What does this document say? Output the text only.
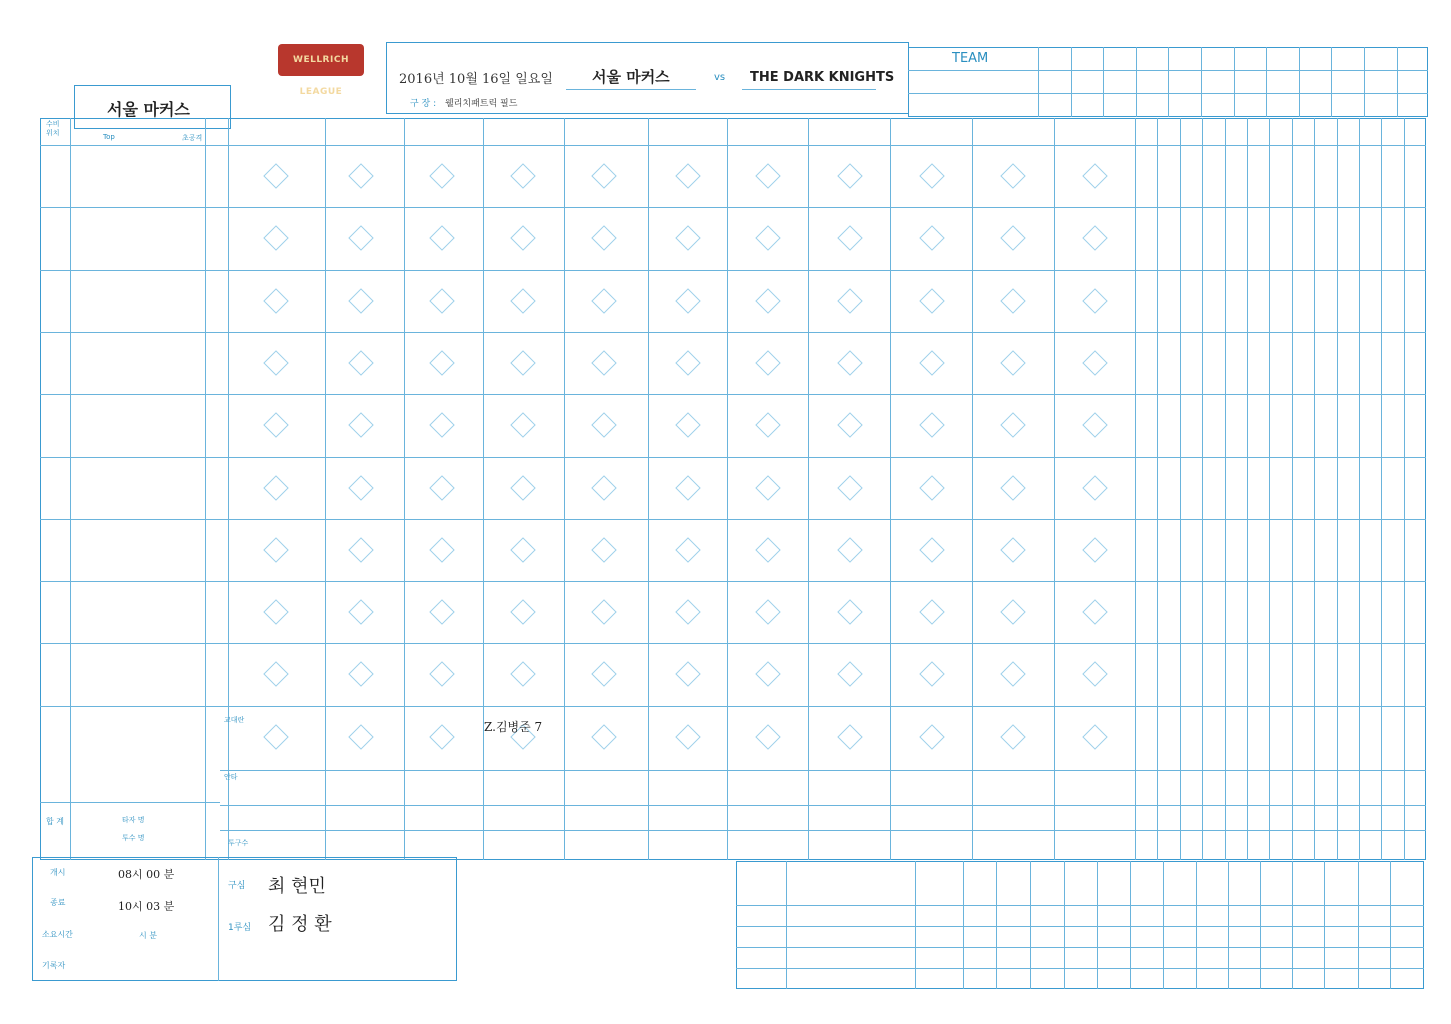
WELLRICH LEAGUE
2016년 10월 16일 일요일	서울 마커스	vs THE DARK KNIGHTS
구 장 : 웰리치패트릭 필드
TEAM
서울 마커스
수비
위치	Top	초공격
교대란	Z.김병준 7
합 계	타자 명
투수 명
안타
투구수
개시	08시 00 분
종료	10시 03 분
소요시간	시 분
기록자
구심 최 현민
1루심 김 정 환
